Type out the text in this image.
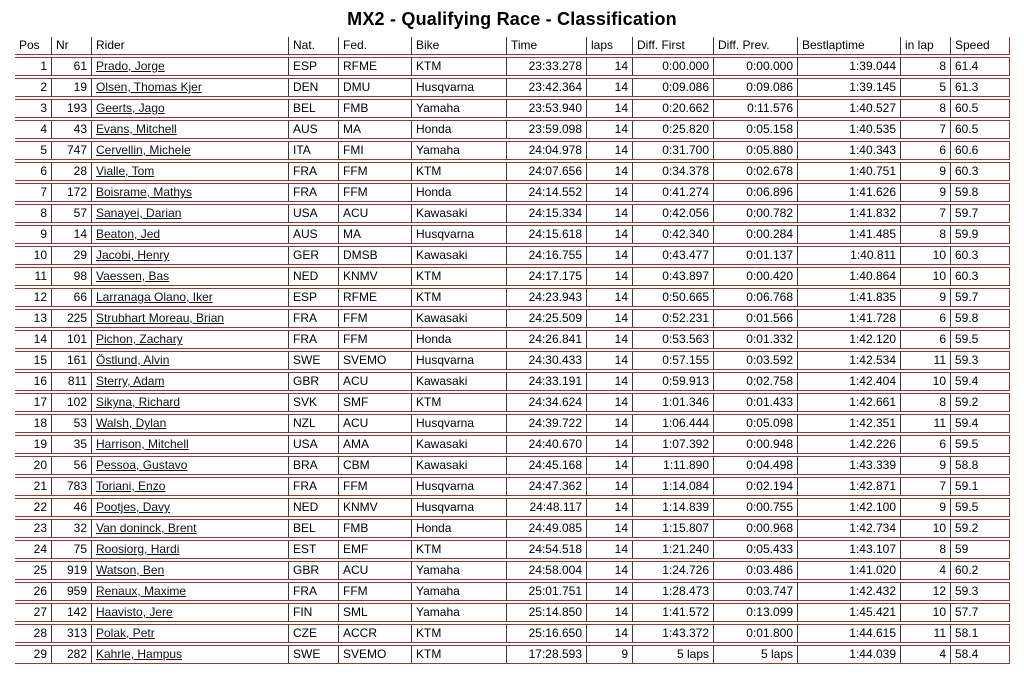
MX2 - Qualifying Race - Classification
Pos	Nr	Rider	Nat.	Fed.	Bike	Time	laps	Diff. First	Diff. Prev.	Bestlaptime	in lap	Speed
1	61	Prado, Jorge	ESP	RFME	KTM	23:33.278	14	0:00.000	0:00.000	1:39.044	8	61.4
2	19	Olsen, Thomas Kjer	DEN	DMU	Husqvarna	23:42.364	14	0:09.086	0:09.086	1:39.145	5	61.3
3	193	Geerts, Jago	BEL	FMB	Yamaha	23:53.940	14	0:20.662	0:11.576	1:40.527	8	60.5
4	43	Evans, Mitchell	AUS	MA	Honda	23:59.098	14	0:25.820	0:05.158	1:40.535	7	60.5
5	747	Cervellin, Michele	ITA	FMI	Yamaha	24:04.978	14	0:31.700	0:05.880	1:40.343	6	60.6
6	28	Vialle, Tom	FRA	FFM	KTM	24:07.656	14	0:34.378	0:02.678	1:40.751	9	60.3
7	172	Boisrame, Mathys	FRA	FFM	Honda	24:14.552	14	0:41.274	0:06.896	1:41.626	9	59.8
8	57	Sanayei, Darian	USA	ACU	Kawasaki	24:15.334	14	0:42.056	0:00.782	1:41.832	7	59.7
9	14	Beaton, Jed	AUS	MA	Husqvarna	24:15.618	14	0:42.340	0:00.284	1:41.485	8	59.9
10	29	Jacobi, Henry	GER	DMSB	Kawasaki	24:16.755	14	0:43.477	0:01.137	1:40.811	10	60.3
11	98	Vaessen, Bas	NED	KNMV	KTM	24:17.175	14	0:43.897	0:00.420	1:40.864	10	60.3
12	66	Larranaga Olano, Iker	ESP	RFME	KTM	24:23.943	14	0:50.665	0:06.768	1:41.835	9	59.7
13	225	Strubhart Moreau, Brian	FRA	FFM	Kawasaki	24:25.509	14	0:52.231	0:01.566	1:41.728	6	59.8
14	101	Pichon, Zachary	FRA	FFM	Honda	24:26.841	14	0:53.563	0:01.332	1:42.120	6	59.5
15	161	Östlund, Alvin	SWE	SVEMO	Husqvarna	24:30.433	14	0:57.155	0:03.592	1:42.534	11	59.3
16	811	Sterry, Adam	GBR	ACU	Kawasaki	24:33.191	14	0:59.913	0:02.758	1:42.404	10	59.4
17	102	Sikyna, Richard	SVK	SMF	KTM	24:34.624	14	1:01.346	0:01.433	1:42.661	8	59.2
18	53	Walsh, Dylan	NZL	ACU	Husqvarna	24:39.722	14	1:06.444	0:05.098	1:42.351	11	59.4
19	35	Harrison, Mitchell	USA	AMA	Kawasaki	24:40.670	14	1:07.392	0:00.948	1:42.226	6	59.5
20	56	Pessoa, Gustavo	BRA	CBM	Kawasaki	24:45.168	14	1:11.890	0:04.498	1:43.339	9	58.8
21	783	Toriani, Enzo	FRA	FFM	Husqvarna	24:47.362	14	1:14.084	0:02.194	1:42.871	7	59.1
22	46	Pootjes, Davy	NED	KNMV	Husqvarna	24:48.117	14	1:14.839	0:00.755	1:42.100	9	59.5
23	32	Van doninck, Brent	BEL	FMB	Honda	24:49.085	14	1:15.807	0:00.968	1:42.734	10	59.2
24	75	Roosiorg, Hardi	EST	EMF	KTM	24:54.518	14	1:21.240	0:05.433	1:43.107	8	59
25	919	Watson, Ben	GBR	ACU	Yamaha	24:58.004	14	1:24.726	0:03.486	1:41.020	4	60.2
26	959	Renaux, Maxime	FRA	FFM	Yamaha	25:01.751	14	1:28.473	0:03.747	1:42.432	12	59.3
27	142	Haavisto, Jere	FIN	SML	Yamaha	25:14.850	14	1:41.572	0:13.099	1:45.421	10	57.7
28	313	Polak, Petr	CZE	ACCR	KTM	25:16.650	14	1:43.372	0:01.800	1:44.615	11	58.1
29	282	Kahrle, Hampus	SWE	SVEMO	KTM	17:28.593	9	5 laps	5 laps	1:44.039	4	58.4
